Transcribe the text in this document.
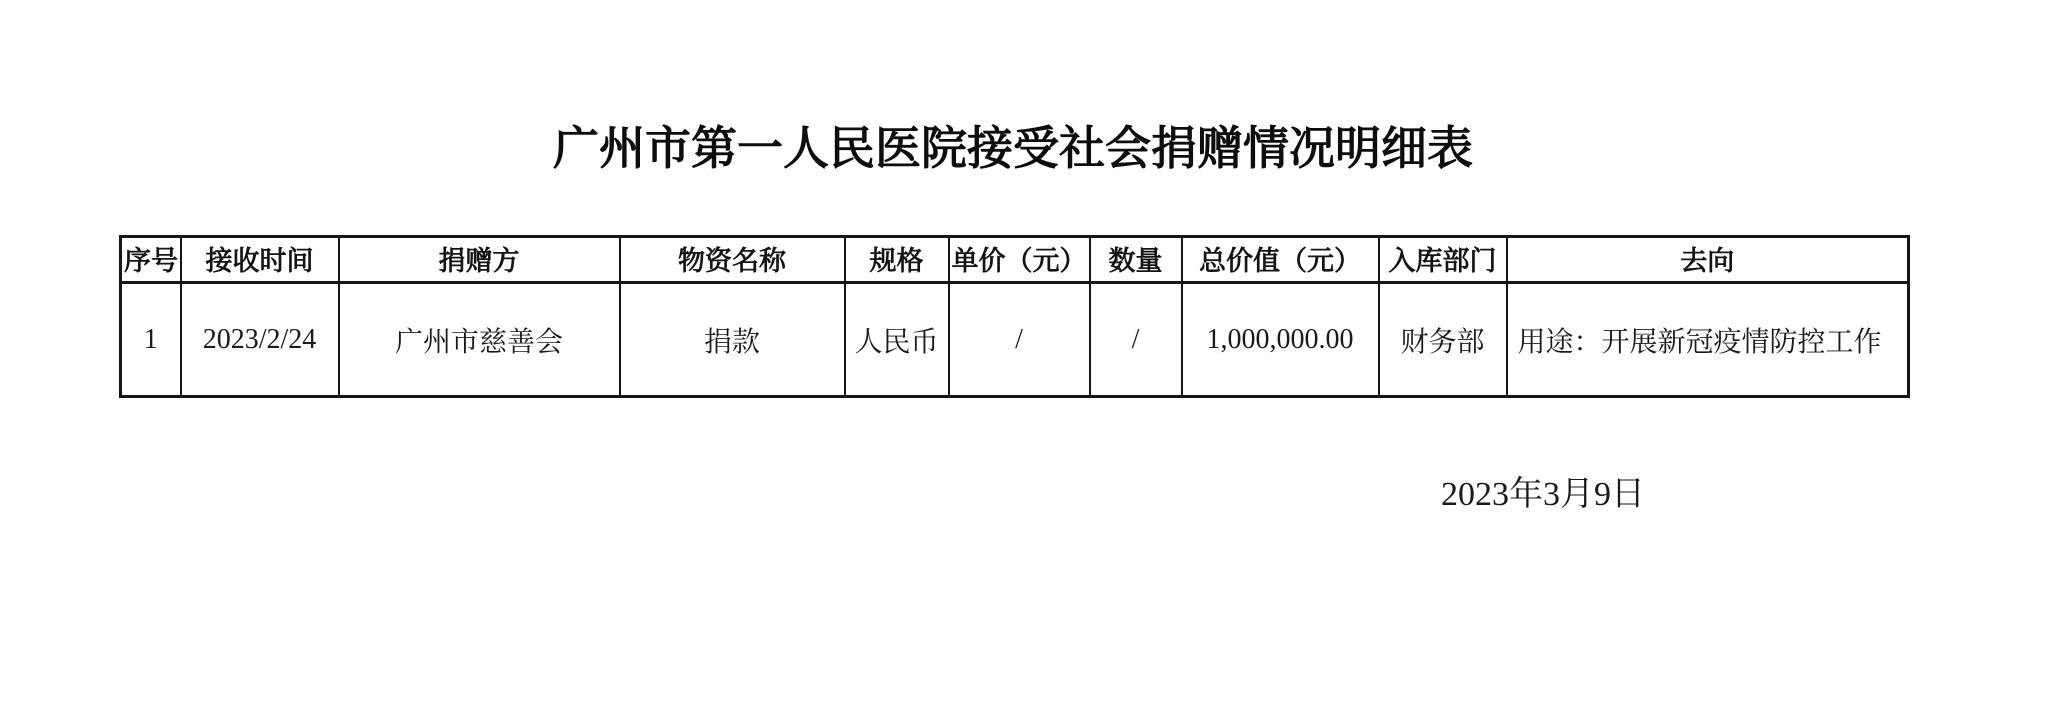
广州市第一人民医院接受社会捐赠情况明细表
序号	接收时间	捐赠方	物资名称	规格	单价（元）	数量	总价值（元）	入库部门	去向
1	2023/2/24	广州市慈善会	捐款	人民币	/	/	1,000,000.00	财务部	用途：开展新冠疫情防控工作
2023年3月9日
